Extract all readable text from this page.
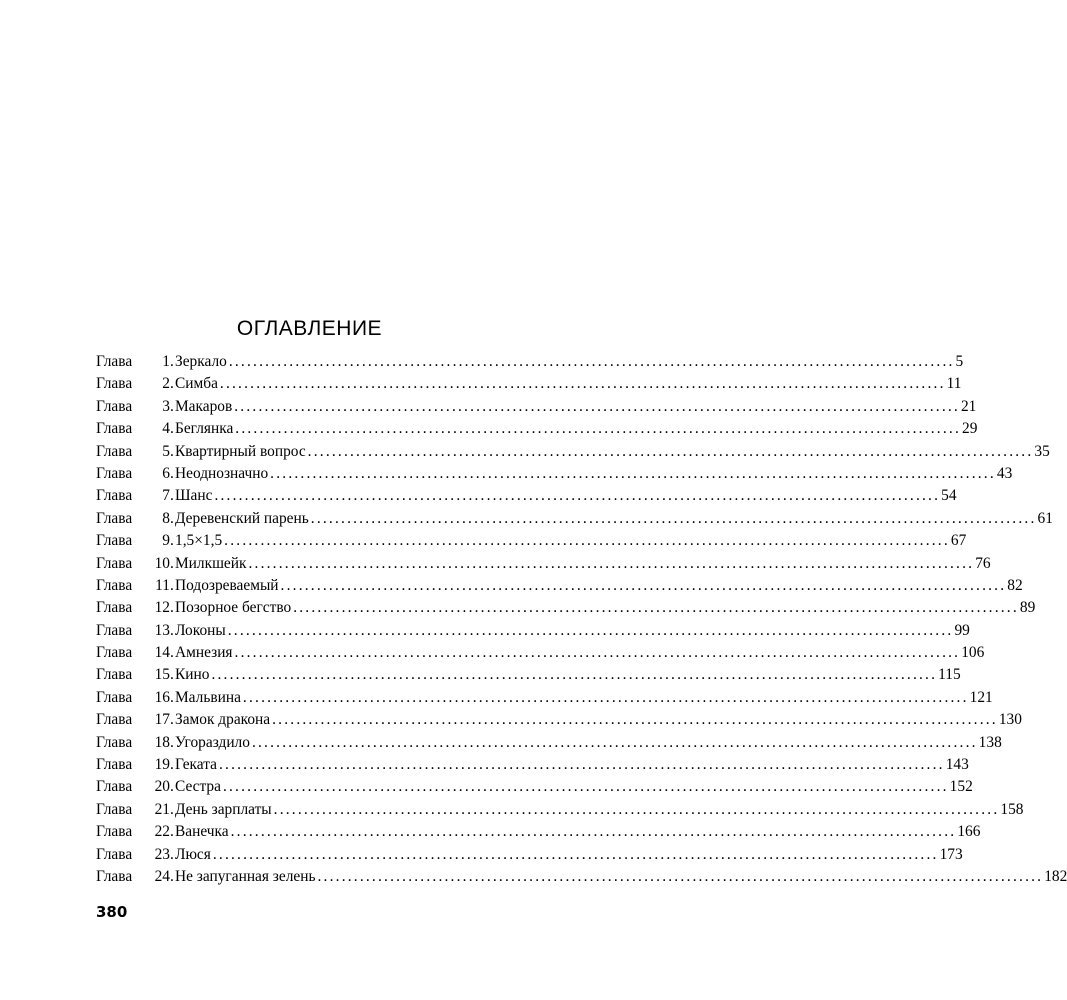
ОГЛАВЛЕНИЕ
Глава	1 . Зеркало ........................................................................................................................ 5
Глава	2 . Симба ........................................................................................................................ 11
Глава	3 . Макаров ........................................................................................................................ 21
Глава	4 . Беглянка ........................................................................................................................ 29
Глава	5 . Квартирный вопрос ........................................................................................................................ 35
Глава	6 . Неоднозначно ........................................................................................................................ 43
Глава	7 . Шанс ........................................................................................................................ 54
Глава	8 . Деревенский парень ........................................................................................................................ 61
Глава	9 . 1,5×1,5 ........................................................................................................................ 67
Глава	10 . Милкшейк ........................................................................................................................ 76
Глава	11 . Подозреваемый ........................................................................................................................ 82
Глава	12 . Позорное бегство ........................................................................................................................ 89
Глава	13 . Локоны ........................................................................................................................ 99
Глава	14 . Амнезия ........................................................................................................................ 106
Глава	15 . Кино ........................................................................................................................ 115
Глава	16 . Мальвина ........................................................................................................................ 121
Глава	17 . Замок дракона ........................................................................................................................ 130
Глава	18 . Угораздило ........................................................................................................................ 138
Глава	19 . Геката ........................................................................................................................ 143
Глава	20 . Сестра ........................................................................................................................ 152
Глава	21 . День зарплаты ........................................................................................................................ 158
Глава	22 . Ванечка ........................................................................................................................ 166
Глава	23 . Люся ........................................................................................................................ 173
Глава	24 . Не запуганная зелень ........................................................................................................................ 182
380
